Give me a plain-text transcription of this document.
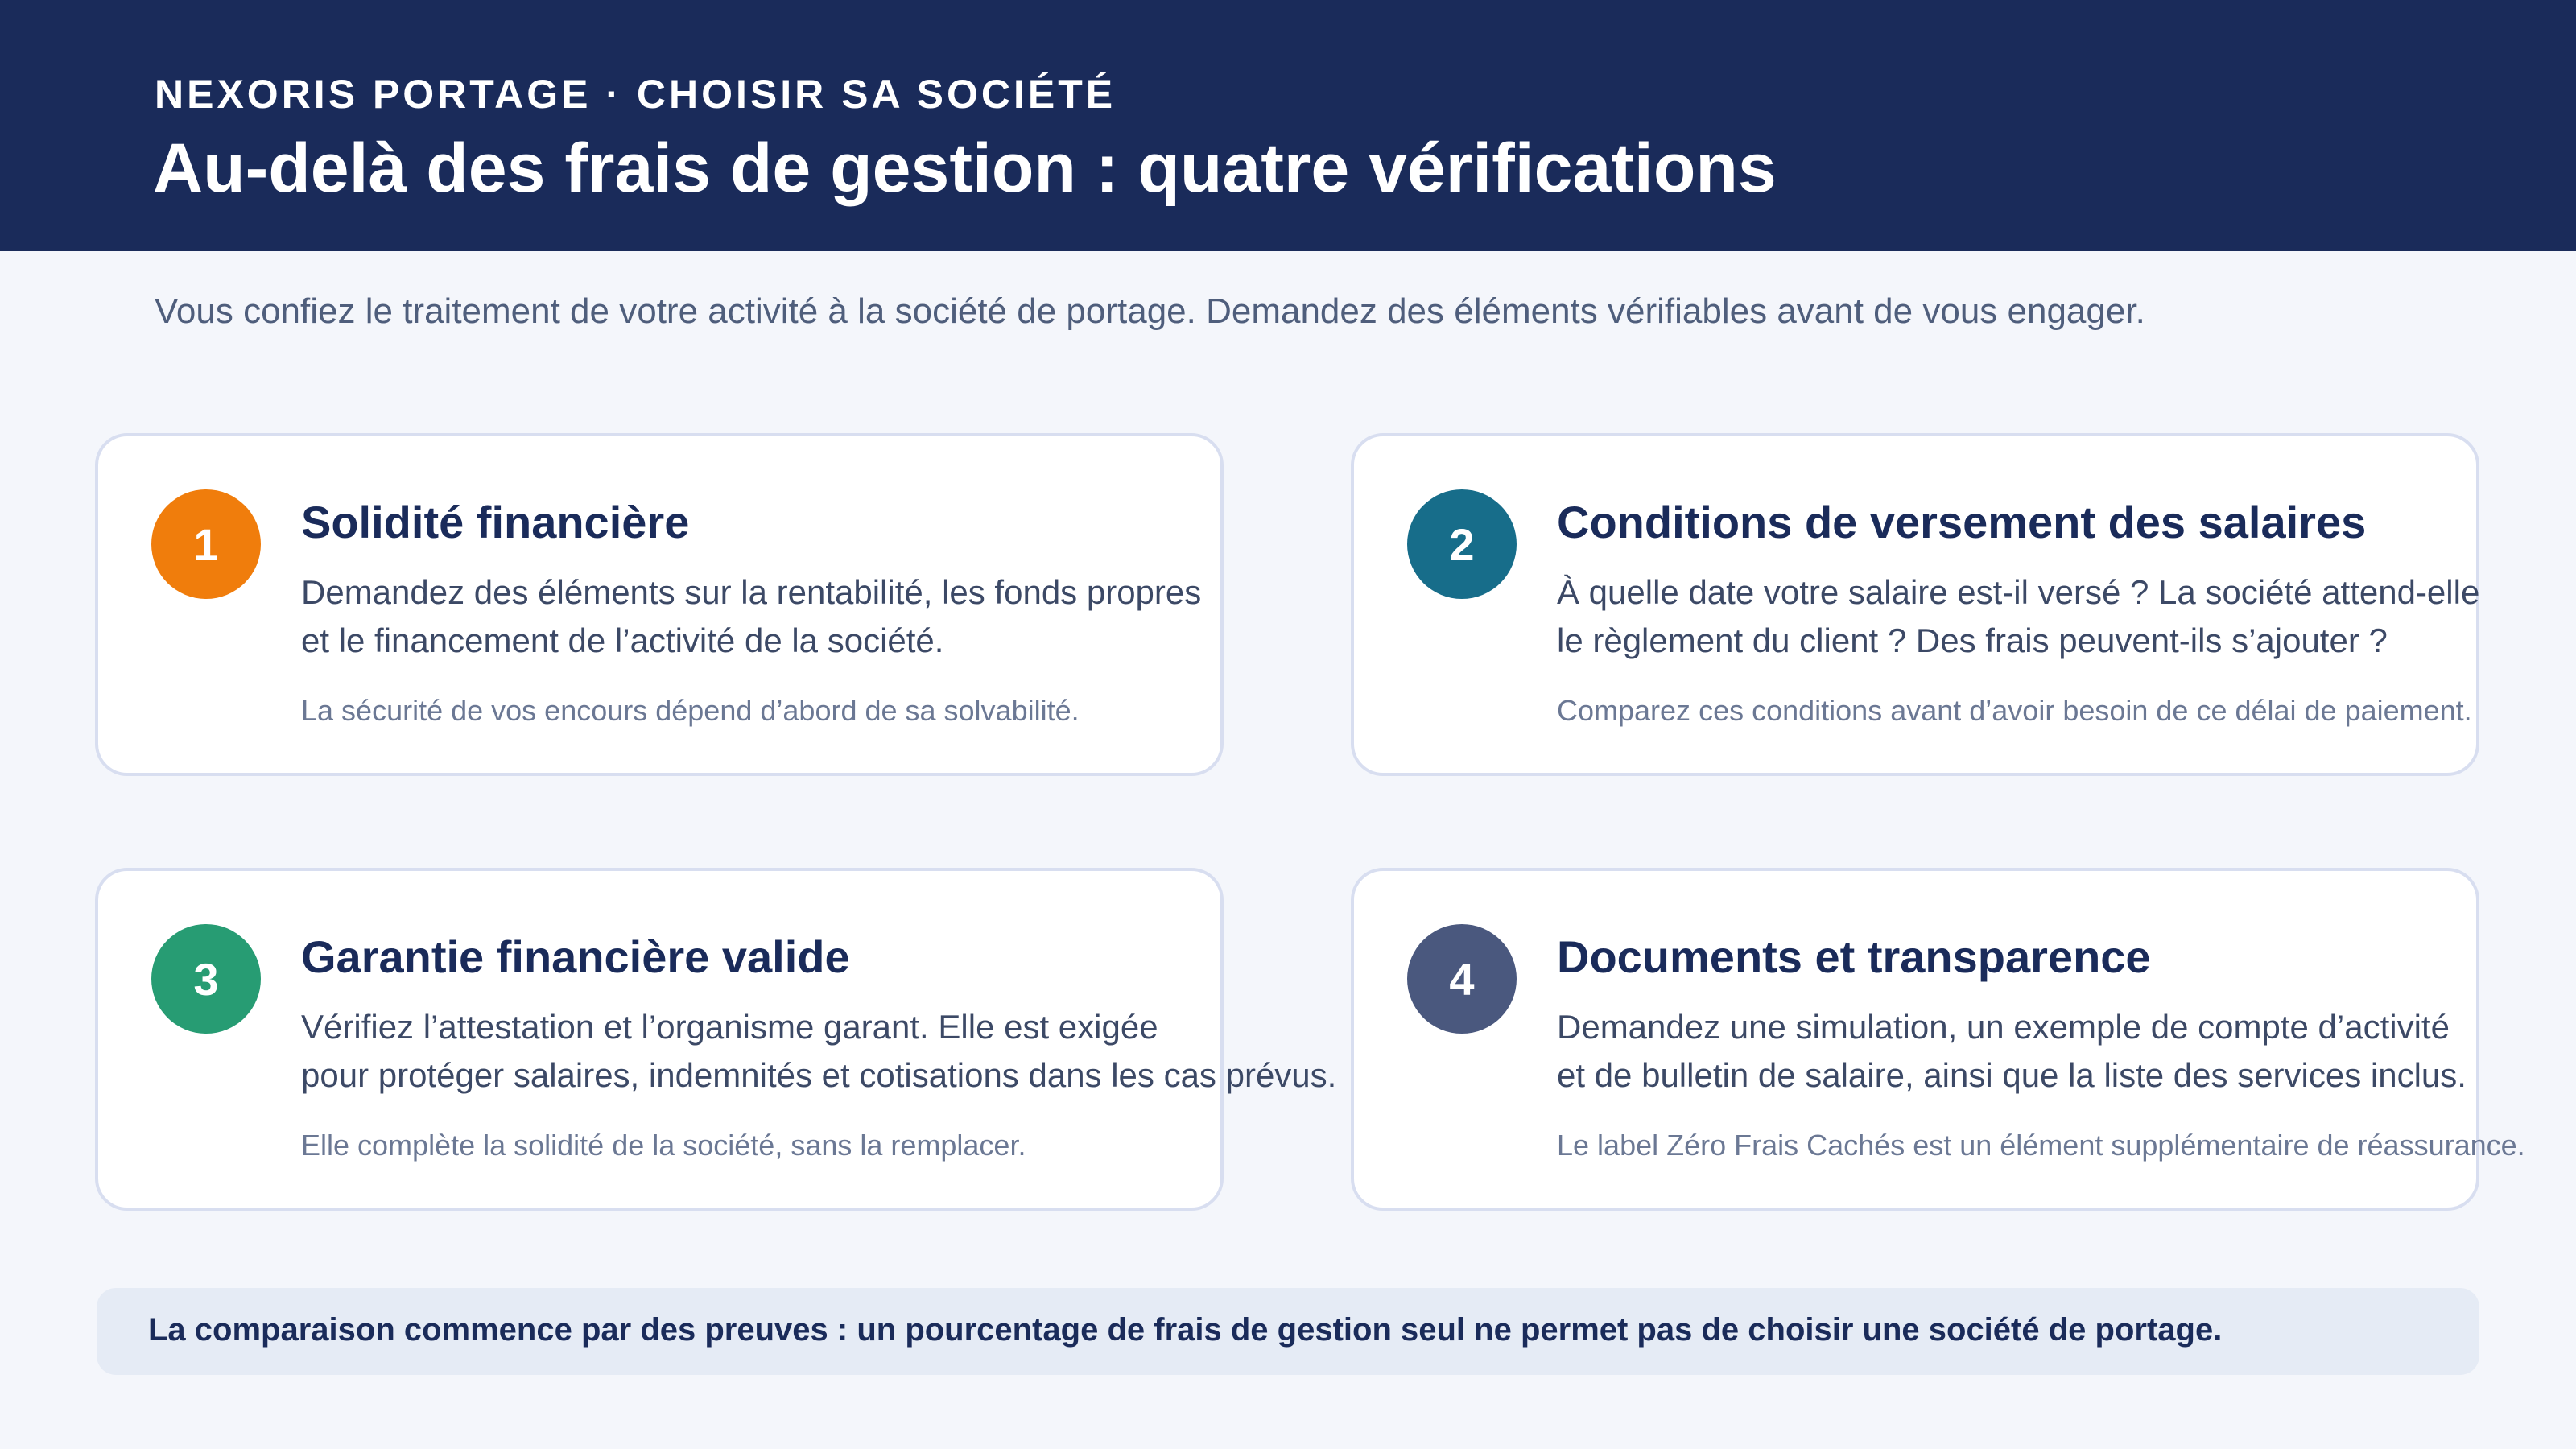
NEXORIS PORTAGE · CHOISIR SA SOCIÉTÉ
Au-delà des frais de gestion : quatre vérifications

Vous confiez le traitement de votre activité à la société de portage. Demandez des éléments vérifiables avant de vous engager.

1	Solidité financière
Demandez des éléments sur la rentabilité, les fonds propres
et le financement de l’activité de la société.

La sécurité de vos encours dépend d’abord de sa solvabilité.

2	Conditions de versement des salaires
À quelle date votre salaire est-il versé ? La société attend-elle
le règlement du client ? Des frais peuvent-ils s’ajouter ?

Comparez ces conditions avant d’avoir besoin de ce délai de paiement.

3	Garantie financière valide
Vérifiez l’attestation et l’organisme garant. Elle est exigée
pour protéger salaires, indemnités et cotisations dans les cas prévus.

Elle complète la solidité de la société, sans la remplacer.

4	Documents et transparence
Demandez une simulation, un exemple de compte d’activité
et de bulletin de salaire, ainsi que la liste des services inclus.

Le label Zéro Frais Cachés est un élément supplémentaire de réassurance.

La comparaison commence par des preuves : un pourcentage de frais de gestion seul ne permet pas de choisir une société de portage.
